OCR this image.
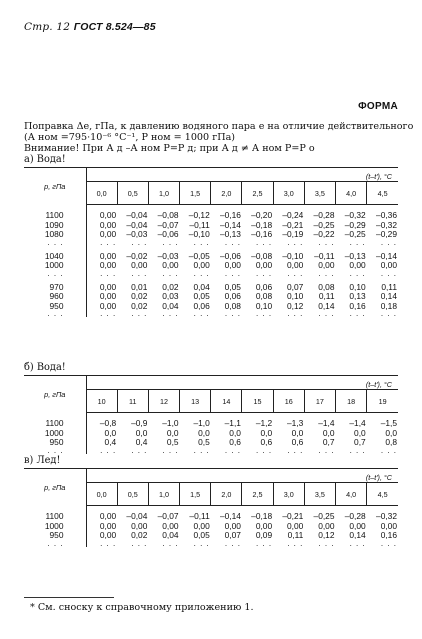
Стр. 12 ГОСТ 8.524—85
ФОРМА
Поправка Δе, гПа, к давлению водяного пара е на отличие действительного
(А ном =795·10⁻⁶ °С⁻¹, Р ном = 1000 гПа)
Внимание! При А д –А ном Р=Р д; при А д ≠ А ном Р=Р о
а) Вода!
р, гПа	(t–t′), °С									
	0,0	0,5	1,0	1,5	2,0	2,5	3,0	3,5	4,0	4,5

1100	0,00	–0,04	–0,08	–0,12	–0,16	–0,20	–0,24	–0,28	–0,32	–0,36
1090	0,00	–0,04	–0,07	–0,11	–0,14	–0,18	–0,21	–0,25	–0,29	–0,32
1080	0,00	–0,03	–0,06	–0,10	–0,13	–0,16	–0,19	–0,22	–0,25	–0,29
. . .	. . .	. . .	. . .	. . .	. . .	. . .	. . .	. . .	. . .	. . .

1040	0,00	–0,02	–0,03	–0,05	–0,06	–0,08	–0,10	–0,11	–0,13	–0,14
1000	0,00	0,00	0,00	0,00	0,00	0,00	0,00	0,00	0,00	0,00
. . .	. . .	. . .	. . .	. . .	. . .	. . .	. . .	. . .	. . .	. . .

970	0,00	0,01	0,02	0,04	0,05	0,06	0,07	0,08	0,10	0,11
960	0,00	0,02	0,03	0,05	0,06	0,08	0,10	0,11	0,13	0,14
950	0,00	0,02	0,04	0,06	0,08	0,10	0,12	0,14	0,16	0,18
. . .	. . .	. . .	. . .	. . .	. . .	. . .	. . .	. . .	. . .	. . .
б) Вода!
р, гПа	(t–t′), °С									
	10	11	12	13	14	15	16	17	18	19

1100	–0,8	–0,9	–1,0	–1,0	–1,1	–1,2	–1,3	–1,4	–1,4	–1,5
1000	0,0	0,0	0,0	0,0	0,0	0,0	0,0	0,0	0,0	0,0
950	0,4	0,4	0,5	0,5	0,6	0,6	0,6	0,7	0,7	0,8
. . .	. . .	. . .	. . .	. . .	. . .	. . .	. . .	. . .	. . .	. . .
в) Лед!
р, гПа	(t–t′), °С									
	0,0	0,5	1,0	1,5	2,0	2,5	3,0	3,5	4,0	4,5

1100	0,00	–0,04	–0,07	–0,11	–0,14	–0,18	–0,21	–0,25	–0,28	–0,32
1000	0,00	0,00	0,00	0,00	0,00	0,00	0,00	0,00	0,00	0,00
950	0,00	0,02	0,04	0,05	0,07	0,09	0,11	0,12	0,14	0,16
. . .	. . .	. . .	. . .	. . .	. . .	. . .	. . .	. . .	. . .	. . .
* См. сноску к справочному приложению 1.
